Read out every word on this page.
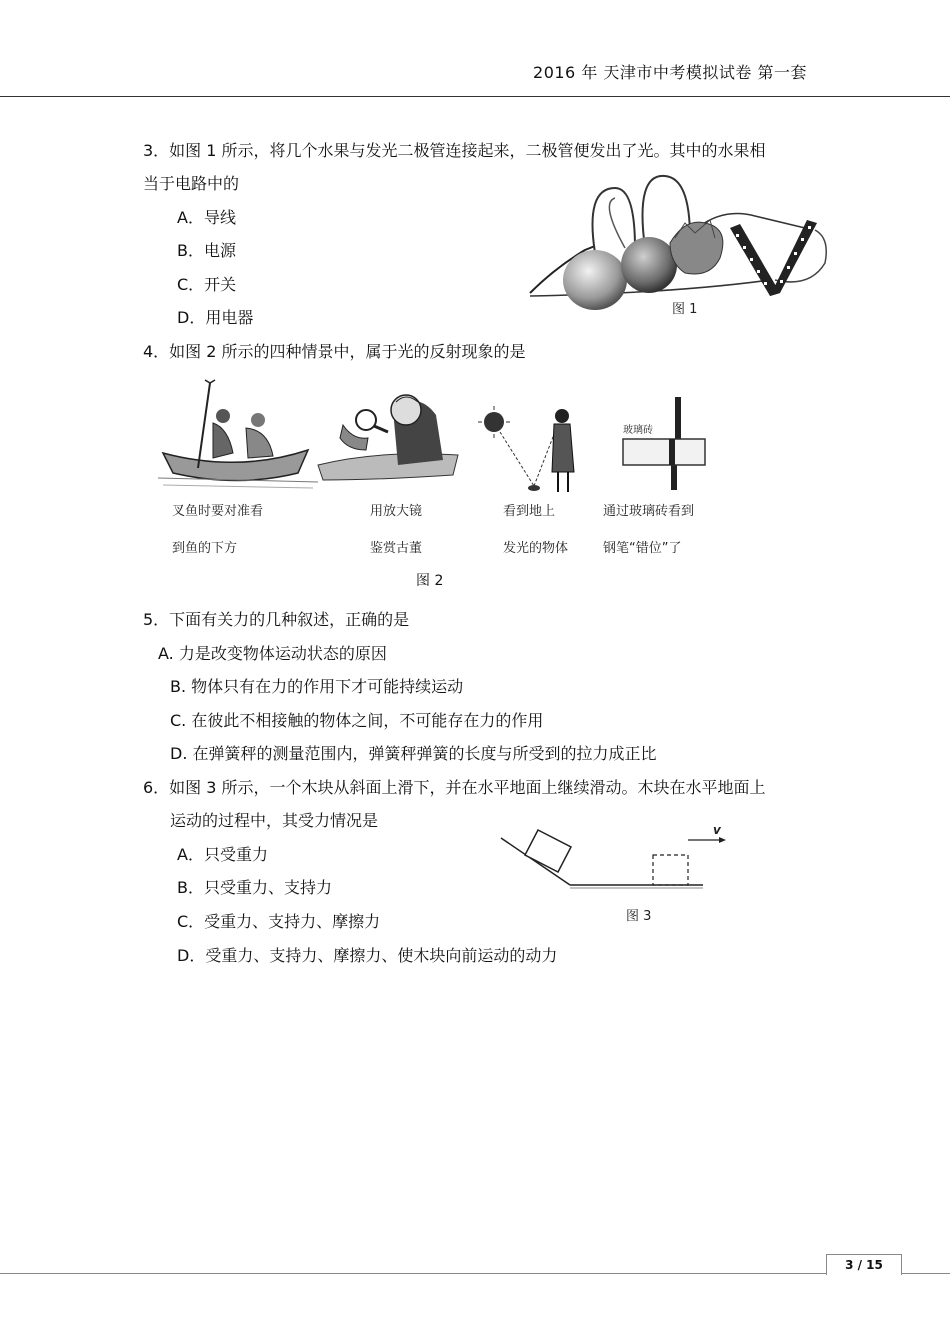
2016 年 天津市中考模拟试卷 第一套
3．如图 1 所示，将几个水果与发光二极管连接起来，二极管便发出了光。其中的水果相
当于电路中的
A．导线
B．电源
C．开关
D．用电器	图 1
4．如图 2 所示的四种情景中，属于光的反射现象的是
玻璃砖
叉鱼时要对准看
到鱼的下方
用放大镜
鉴赏古董
看到地上
发光的物体
通过玻璃砖看到
钢笔“错位”了
图 2
5．下面有关力的几种叙述，正确的是
A. 力是改变物体运动状态的原因
B. 物体只有在力的作用下才可能持续运动
C. 在彼此不相接触的物体之间，不可能存在力的作用
D. 在弹簧秤的测量范围内，弹簧秤弹簧的长度与所受到的拉力成正比
6．如图 3 所示，一个木块从斜面上滑下，并在水平地面上继续滑动。木块在水平地面上
运动的过程中，其受力情况是
A．只受重力
B．只受重力、支持力
C．受重力、支持力、摩擦力
D．受重力、支持力、摩擦力、使木块向前运动的动力
v
图 3
3 / 15
